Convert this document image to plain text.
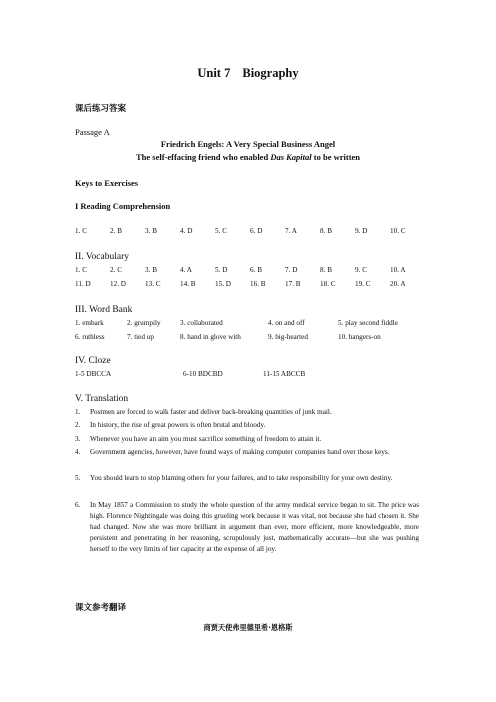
Unit 7 Biography
课后练习答案
Passage A
Friedrich Engels: A Very Special Business Angel
The self-effacing friend who enabled Das Kapital to be written
Keys to Exercises
I Reading Comprehension
1. C	2. B	3. B	4. D	5. C	6. D	7. A	8. B	9. D	10. C
II. Vocabulary
1. C	2. C	3. B	4. A	5. D	6. B	7. D	8. B	9. C	10. A
11. D	12. D	13. C	14. B	15. D	16. B	17. B	18. C	19. C	20. A
III. Word Bank
1. embark	2. grumpily	3. collaborated	4. on and off	5. play second fiddle
6. ruthless	7. tied up	8. hand in glove with	9. big-hearted	10. hangers-on
IV. Cloze
1-5 DBCCA	6-10 BDCBD	11-15 ABCCB
V. Translation
1. Postmen are forced to walk faster and deliver back-breaking quantities of junk mail.
2. In history, the rise of great powers is often brutal and bloody.
3. Whenever you have an aim you must sacrifice something of freedom to attain it.
4. Government agencies, however, have found ways of making computer companies hand over those keys.
5. You should learn to stop blaming others for your failures, and to take responsibility for your own destiny.
6. In May 1857 a Commission to study the whole question of the army medical service began to sit. The price was high. Florence Nightingale was doing this grueling work because it was vital, not because she had chosen it. She had changed. Now she was more brilliant in argument than ever, more efficient, more knowledgeable, more persistent and penetrating in her reasoning, scrupulously just, mathematically accurate—but she was pushing herself to the very limits of her capacity at the expense of all joy.
课文参考翻译
商贾天使弗里德里希·恩格斯
